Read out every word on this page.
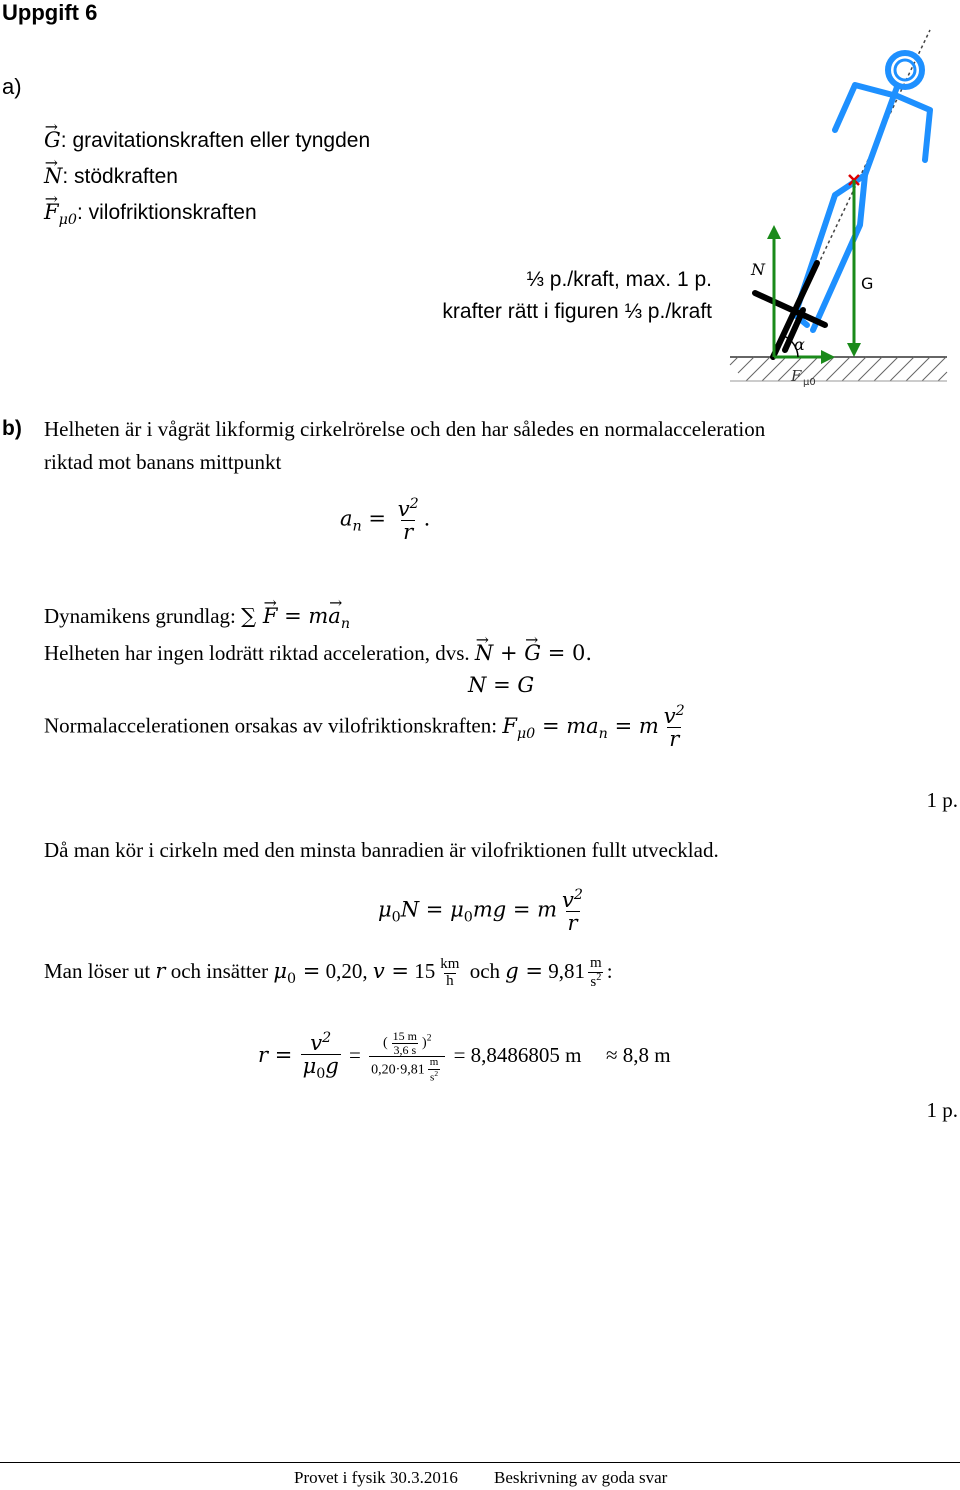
Uppgift 6
a)
→ G: gravitationskraften eller tyngden
→ N: stödkraften
→ $F_{\mu 0}$: vilofriktionskraften
⅓ p./kraft, max. 1 p.
krafter rätt i figuren ⅓ p./kraft
N
G
α
F μ0
b) Helheten är i vågrät likformig cirkelrörelse och den har således en normalacceleration
riktad mot banans mittpunkt
$a_n = \frac{v^2}{r}$ .
Dynamikens grundlag: ∑ → $F = m\to a_n$
Helheten har ingen lodrätt riktad acceleration, dvs. → N + → G = 0.
N = G
Normalaccelerationen orsakas av vilofriktionskraften: $F_{\mu 0} = ma_n = m \frac{v^2}{r}$
1 p.
Då man kör i cirkeln med den minsta banradien är vilofriktionen fullt utvecklad.
$\mu_0N = \mu_0mg = m \frac{v^2}{r}$
Man löser ut r och insätter $\mu_0 = 0,20$, $v = 15 \frac{km}{h}$ och $g = 9,81 \frac{m}{s^2}$ :
$r = \frac{v^2}{\mu_0g} = \frac{( \frac{15 m}{3,6 s} )^2}{0,20\cdot 9,81 \frac{m}{s^2}} = 8,8486805$ m ≈ 8,8 m
1 p.
Provet i fysik 30.3.2016 Beskrivning av goda svar
